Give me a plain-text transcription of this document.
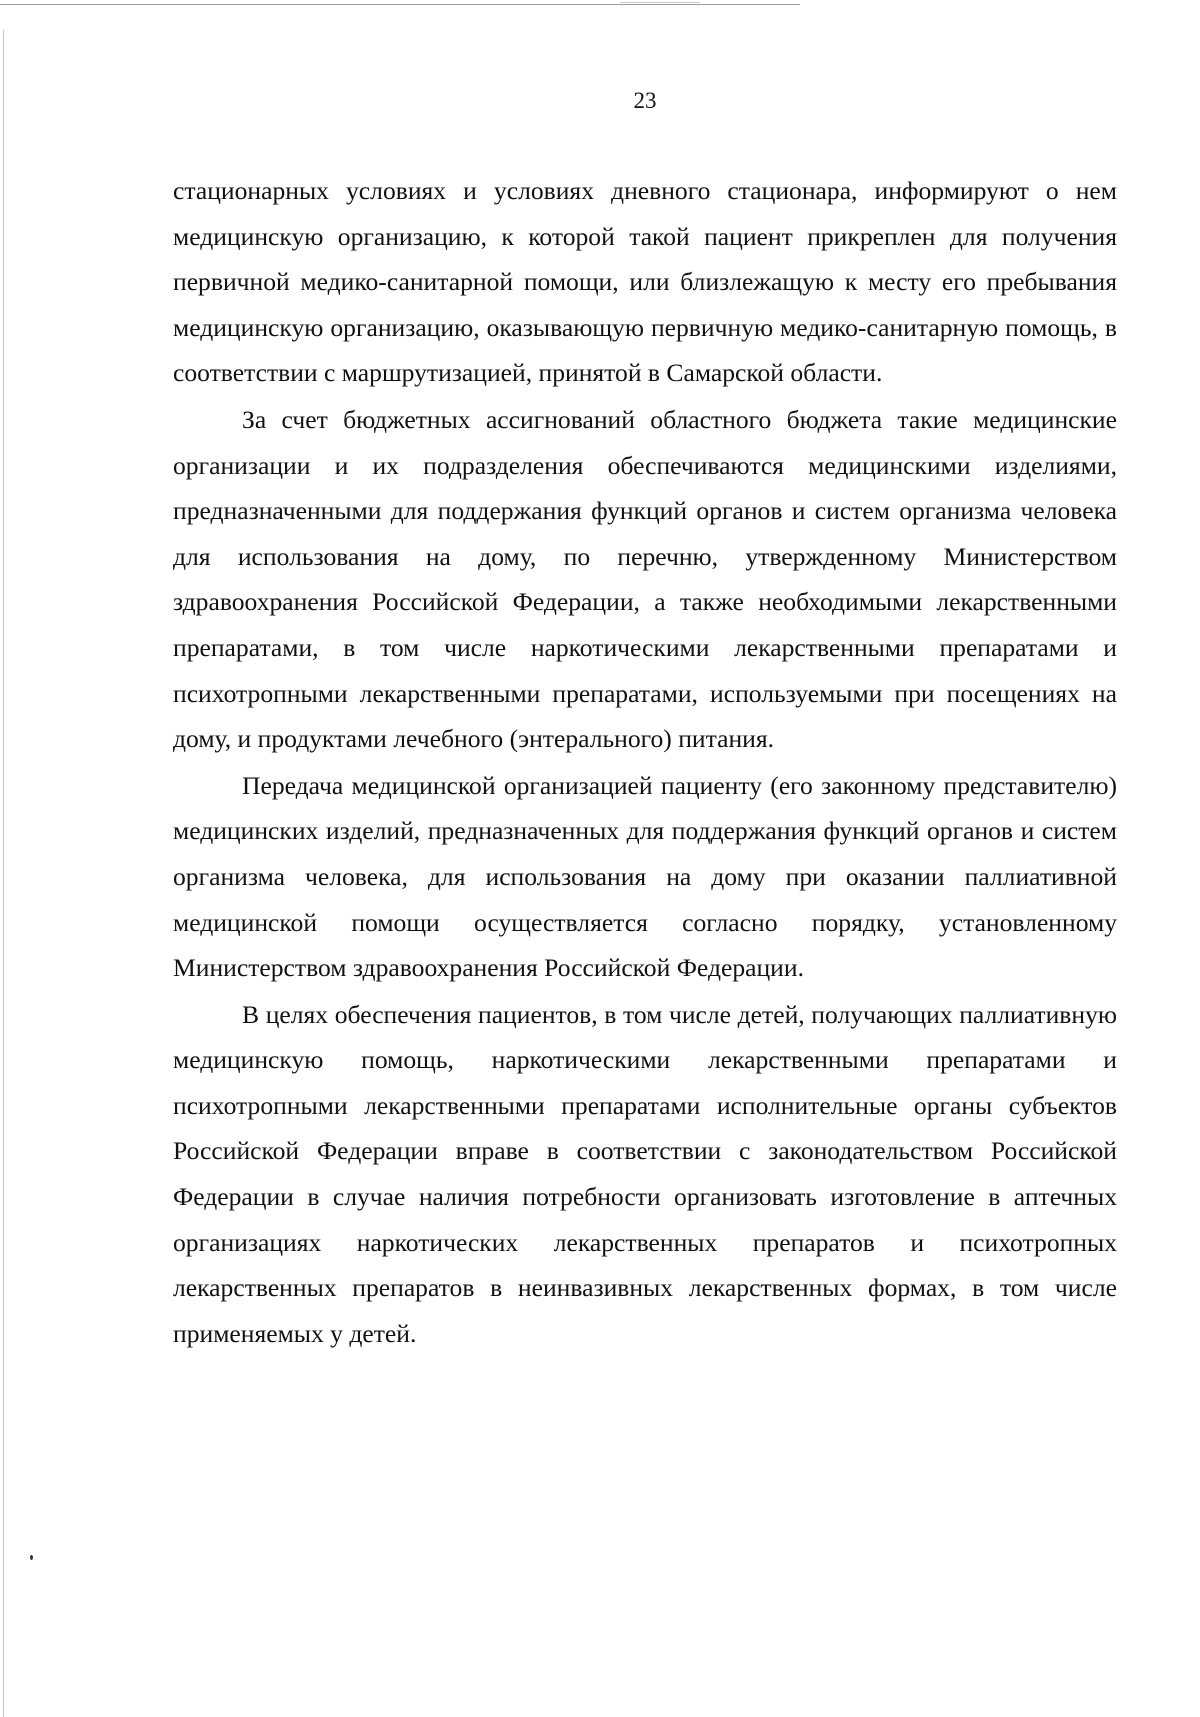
23

стационарных условиях и условиях дневного стационара, информируют о нем медицинскую организацию, к которой такой пациент прикреплен для получения первичной медико-санитарной помощи, или близлежащую к месту его пребывания медицинскую организацию, оказывающую первичную медико-санитарную помощь, в соответствии с маршрутизацией, принятой в Самарской области.

За счет бюджетных ассигнований областного бюджета такие медицинские организации и их подразделения обеспечиваются медицинскими изделиями, предназначенными для поддержания функций органов и систем организма человека для использования на дому, по перечню, утвержденному Министерством здравоохранения Российской Федерации, а также необходимыми лекарственными препаратами, в том числе наркотическими лекарственными препаратами и психотропными лекарственными препаратами, используемыми при посещениях на дому, и продуктами лечебного (энтерального) питания.

Передача медицинской организацией пациенту (его законному представителю) медицинских изделий, предназначенных для поддержания функций органов и систем организма человека, для использования на дому при оказании паллиативной медицинской помощи осуществляется согласно порядку, установленному Министерством здравоохранения Российской Федерации.

В целях обеспечения пациентов, в том числе детей, получающих паллиативную медицинскую помощь, наркотическими лекарственными препаратами и психотропными лекарственными препаратами исполнительные органы субъектов Российской Федерации вправе в соответствии с законодательством Российской Федерации в случае наличия потребности организовать изготовление в аптечных организациях наркотических лекарственных препаратов и психотропных лекарственных препаратов в неинвазивных лекарственных формах, в том числе применяемых у детей.
